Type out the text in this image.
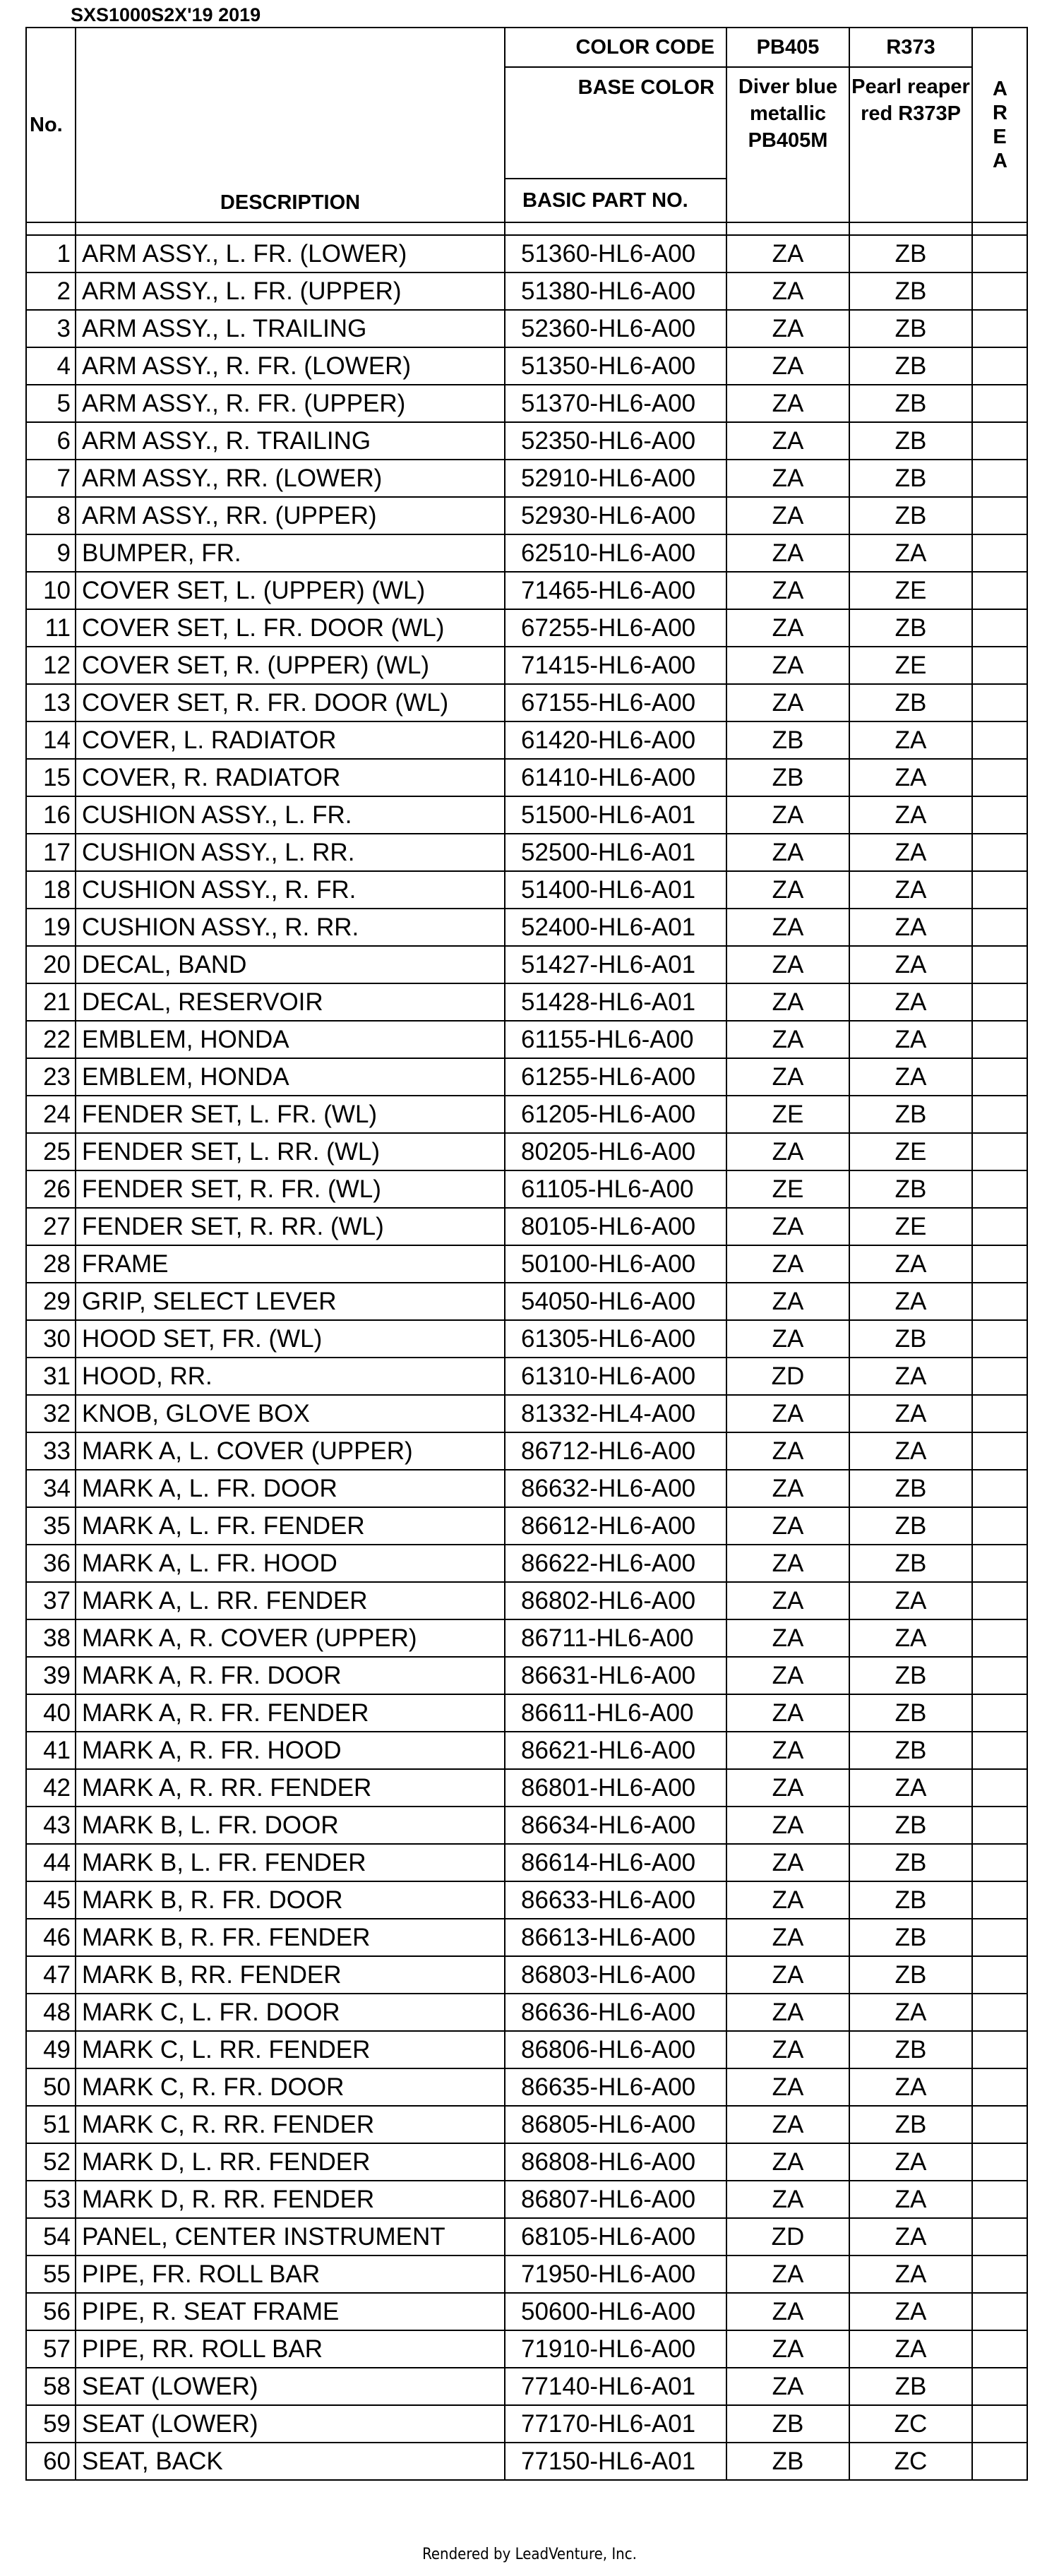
SXS1000S2X'19 2019
No.	DESCRIPTION	COLOR CODE	PB405	R373	A R E A

		BASE COLOR	Diver blue metallic PB405M	Pearl reaper red R373P	
		BASIC PART NO.			

1	ARM ASSY., L. FR. (LOWER)	51360-HL6-A00	ZA	ZB	
2	ARM ASSY., L. FR. (UPPER)	51380-HL6-A00	ZA	ZB	
3	ARM ASSY., L. TRAILING	52360-HL6-A00	ZA	ZB	
4	ARM ASSY., R. FR. (LOWER)	51350-HL6-A00	ZA	ZB	
5	ARM ASSY., R. FR. (UPPER)	51370-HL6-A00	ZA	ZB	
6	ARM ASSY., R. TRAILING	52350-HL6-A00	ZA	ZB	
7	ARM ASSY., RR. (LOWER)	52910-HL6-A00	ZA	ZB	
8	ARM ASSY., RR. (UPPER)	52930-HL6-A00	ZA	ZB	
9	BUMPER, FR.	62510-HL6-A00	ZA	ZA	
10	COVER SET, L. (UPPER) (WL)	71465-HL6-A00	ZA	ZE	
11	COVER SET, L. FR. DOOR (WL)	67255-HL6-A00	ZA	ZB	
12	COVER SET, R. (UPPER) (WL)	71415-HL6-A00	ZA	ZE	
13	COVER SET, R. FR. DOOR (WL)	67155-HL6-A00	ZA	ZB	
14	COVER, L. RADIATOR	61420-HL6-A00	ZB	ZA	
15	COVER, R. RADIATOR	61410-HL6-A00	ZB	ZA	
16	CUSHION ASSY., L. FR.	51500-HL6-A01	ZA	ZA	
17	CUSHION ASSY., L. RR.	52500-HL6-A01	ZA	ZA	
18	CUSHION ASSY., R. FR.	51400-HL6-A01	ZA	ZA	
19	CUSHION ASSY., R. RR.	52400-HL6-A01	ZA	ZA	
20	DECAL, BAND	51427-HL6-A01	ZA	ZA	
21	DECAL, RESERVOIR	51428-HL6-A01	ZA	ZA	
22	EMBLEM, HONDA	61155-HL6-A00	ZA	ZA	
23	EMBLEM, HONDA	61255-HL6-A00	ZA	ZA	
24	FENDER SET, L. FR. (WL)	61205-HL6-A00	ZE	ZB	
25	FENDER SET, L. RR. (WL)	80205-HL6-A00	ZA	ZE	
26	FENDER SET, R. FR. (WL)	61105-HL6-A00	ZE	ZB	
27	FENDER SET, R. RR. (WL)	80105-HL6-A00	ZA	ZE	
28	FRAME	50100-HL6-A00	ZA	ZA	
29	GRIP, SELECT LEVER	54050-HL6-A00	ZA	ZA	
30	HOOD SET, FR. (WL)	61305-HL6-A00	ZA	ZB	
31	HOOD, RR.	61310-HL6-A00	ZD	ZA	
32	KNOB, GLOVE BOX	81332-HL4-A00	ZA	ZA	
33	MARK A, L. COVER (UPPER)	86712-HL6-A00	ZA	ZA	
34	MARK A, L. FR. DOOR	86632-HL6-A00	ZA	ZB	
35	MARK A, L. FR. FENDER	86612-HL6-A00	ZA	ZB	
36	MARK A, L. FR. HOOD	86622-HL6-A00	ZA	ZB	
37	MARK A, L. RR. FENDER	86802-HL6-A00	ZA	ZA	
38	MARK A, R. COVER (UPPER)	86711-HL6-A00	ZA	ZA	
39	MARK A, R. FR. DOOR	86631-HL6-A00	ZA	ZB	
40	MARK A, R. FR. FENDER	86611-HL6-A00	ZA	ZB	
41	MARK A, R. FR. HOOD	86621-HL6-A00	ZA	ZB	
42	MARK A, R. RR. FENDER	86801-HL6-A00	ZA	ZA	
43	MARK B, L. FR. DOOR	86634-HL6-A00	ZA	ZB	
44	MARK B, L. FR. FENDER	86614-HL6-A00	ZA	ZB	
45	MARK B, R. FR. DOOR	86633-HL6-A00	ZA	ZB	
46	MARK B, R. FR. FENDER	86613-HL6-A00	ZA	ZB	
47	MARK B, RR. FENDER	86803-HL6-A00	ZA	ZB	
48	MARK C, L. FR. DOOR	86636-HL6-A00	ZA	ZA	
49	MARK C, L. RR. FENDER	86806-HL6-A00	ZA	ZB	
50	MARK C, R. FR. DOOR	86635-HL6-A00	ZA	ZA	
51	MARK C, R. RR. FENDER	86805-HL6-A00	ZA	ZB	
52	MARK D, L. RR. FENDER	86808-HL6-A00	ZA	ZA	
53	MARK D, R. RR. FENDER	86807-HL6-A00	ZA	ZA	
54	PANEL, CENTER INSTRUMENT	68105-HL6-A00	ZD	ZA	
55	PIPE, FR. ROLL BAR	71950-HL6-A00	ZA	ZA	
56	PIPE, R. SEAT FRAME	50600-HL6-A00	ZA	ZA	
57	PIPE, RR. ROLL BAR	71910-HL6-A00	ZA	ZA	
58	SEAT (LOWER)	77140-HL6-A01	ZA	ZB	
59	SEAT (LOWER)	77170-HL6-A01	ZB	ZC	
60	SEAT, BACK	77150-HL6-A01	ZB	ZC	
Rendered by LeadVenture, Inc.
